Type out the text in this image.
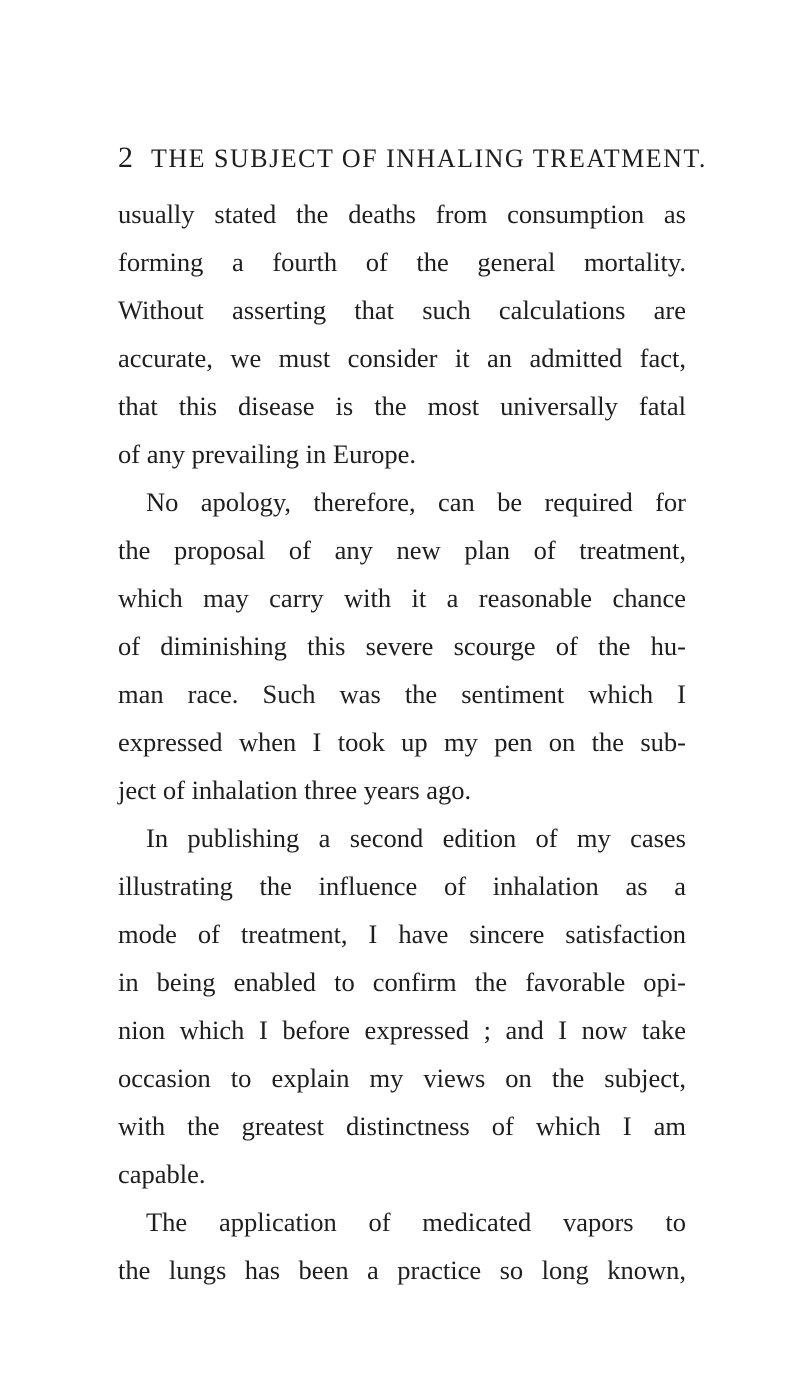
2 THE SUBJECT OF INHALING TREATMENT.
usually stated the deaths from consumption as
forming a fourth of the general mortality.
Without asserting that such calculations are
accurate, we must consider it an admitted fact,
that this disease is the most universally fatal
of any prevailing in Europe.
No apology, therefore, can be required for
the proposal of any new plan of treatment,
which may carry with it a reasonable chance
of diminishing this severe scourge of the hu-
man race. Such was the sentiment which I
expressed when I took up my pen on the sub-
ject of inhalation three years ago.
In publishing a second edition of my cases
illustrating the influence of inhalation as a
mode of treatment, I have sincere satisfaction
in being enabled to confirm the favorable opi-
nion which I before expressed ; and I now take
occasion to explain my views on the subject,
with the greatest distinctness of which I am
capable.
The application of medicated vapors to
the lungs has been a practice so long known,
